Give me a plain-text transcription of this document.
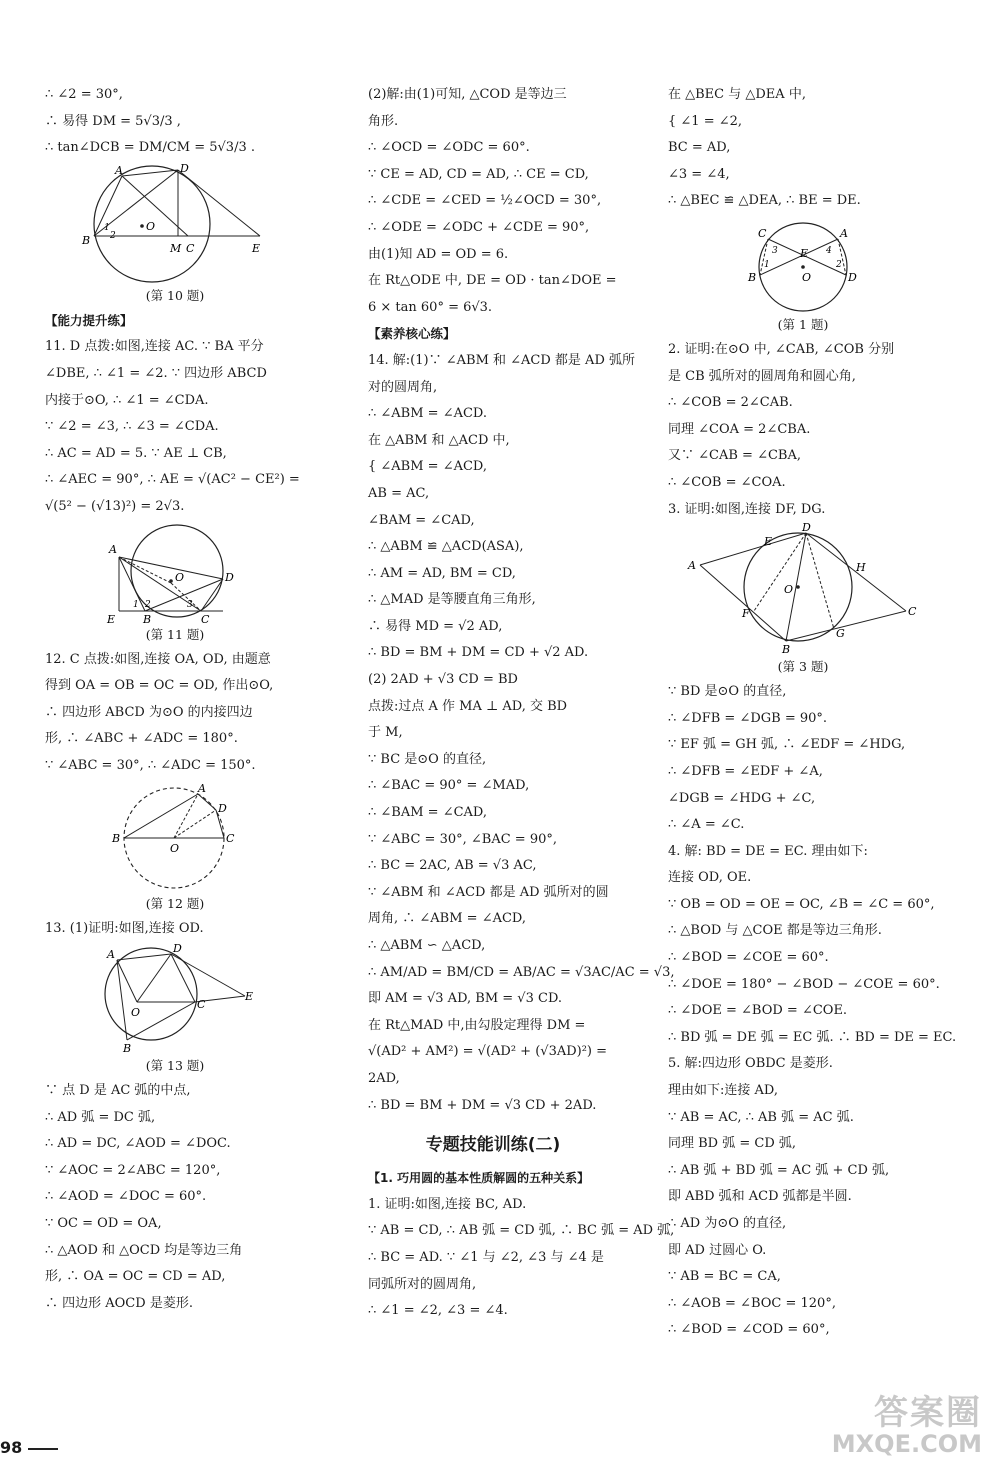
∴ ∠2 = 30°,
∴ 易得 DM = 5√3/3 ,
∴ tan∠DCB = DM/CM = 5√3/3 .
B
A	D
O
M C	E
1
2
(第 10 题)
【能力提升练】
11. D 点拨:如图,连接 AC. ∵ BA 平分
∠DBE, ∴ ∠1 = ∠2. ∵ 四边形 ABCD
内接于⊙O, ∴ ∠1 = ∠CDA.
∵ ∠2 = ∠3, ∴ ∠3 = ∠CDA.
∴ AC = AD = 5. ∵ AE ⊥ CB,
∴ ∠AEC = 90°, ∴ AE = √(AC² − CE²) =
√(5² − (√13)²) = 2√3.
A
D
O
E	B	C
1 2	3
(第 11 题)
12. C 点拨:如图,连接 OA, OD, 由题意
得到 OA = OB = OC = OD, 作出⊙O,
∴ 四边形 ABCD 为⊙O 的内接四边
形, ∴ ∠ABC + ∠ADC = 180°.
∵ ∠ABC = 30°, ∴ ∠ADC = 150°.
B
A
D
C
O
(第 12 题)
13. (1)证明:如图,连接 OD.
A	D
O
C
E
B
(第 13 题)
∵ 点 D 是 AC 弧的中点,
∴ AD 弧 = DC 弧,
∴ AD = DC, ∠AOD = ∠DOC.
∵ ∠AOC = 2∠ABC = 120°,
∴ ∠AOD = ∠DOC = 60°.
∵ OC = OD = OA,
∴ △AOD 和 △OCD 均是等边三角
形, ∴ OA = OC = CD = AD,
∴ 四边形 AOCD 是菱形.
(2)解:由(1)可知, △COD 是等边三
角形.
∴ ∠OCD = ∠ODC = 60°.
∵ CE = AD, CD = AD, ∴ CE = CD,
∴ ∠CDE = ∠CED = ½∠OCD = 30°,
∴ ∠ODE = ∠ODC + ∠CDE = 90°,
由(1)知 AD = OD = 6.
在 Rt△ODE 中, DE = OD · tan∠DOE =
6 × tan 60° = 6√3.
【素养核心练】
14. 解:(1)∵ ∠ABM 和 ∠ACD 都是 AD 弧所
对的圆周角,
∴ ∠ABM = ∠ACD.
在 △ABM 和 △ACD 中,
{ ∠ABM = ∠ACD,
AB = AC,
∠BAM = ∠CAD,
∴ △ABM ≌ △ACD(ASA),
∴ AM = AD, BM = CD,
∴ △MAD 是等腰直角三角形,
∴ 易得 MD = √2 AD,
∴ BD = BM + DM = CD + √2 AD.
(2) 2AD + √3 CD = BD
点拨:过点 A 作 MA ⊥ AD, 交 BD
于 M,
∵ BC 是⊙O 的直径,
∴ ∠BAC = 90° = ∠MAD,
∴ ∠BAM = ∠CAD,
∵ ∠ABC = 30°, ∠BAC = 90°,
∴ BC = 2AC, AB = √3 AC,
∵ ∠ABM 和 ∠ACD 都是 AD 弧所对的圆
周角, ∴ ∠ABM = ∠ACD,
∴ △ABM ∽ △ACD,
∴ AM/AD = BM/CD = AB/AC = √3AC/AC = √3,
即 AM = √3 AD, BM = √3 CD.
在 Rt△MAD 中,由勾股定理得 DM =
√(AD² + AM²) = √(AD² + (√3AD)²) =
2AD,
∴ BD = BM + DM = √3 CD + 2AD.
专题技能训练(二)
【1. 巧用圆的基本性质解圆的五种关系】
1. 证明:如图,连接 BC, AD.
∵ AB = CD, ∴ AB 弧 = CD 弧, ∴ BC 弧 = AD 弧,
∴ BC = AD. ∵ ∠1 与 ∠2, ∠3 与 ∠4 是
同弧所对的圆周角,
∴ ∠1 = ∠2, ∠3 = ∠4.
在 △BEC 与 △DEA 中,
{ ∠1 = ∠2,
BC = AD,
∠3 = ∠4,
∴ △BEC ≌ △DEA, ∴ BE = DE.
C	A
E
O
B	D
3	4
1	2
(第 1 题)
2. 证明:在⊙O 中, ∠CAB, ∠COB 分别
是 CB 弧所对的圆周角和圆心角,
∴ ∠COB = 2∠CAB.
同理 ∠COA = 2∠CBA.
又∵ ∠CAB = ∠CBA,
∴ ∠COB = ∠COA.
3. 证明:如图,连接 DF, DG.
A
D
E
H
O
F
G
C
B
(第 3 题)
∵ BD 是⊙O 的直径,
∴ ∠DFB = ∠DGB = 90°.
∵ EF 弧 = GH 弧, ∴ ∠EDF = ∠HDG,
∴ ∠DFB = ∠EDF + ∠A,
∠DGB = ∠HDG + ∠C,
∴ ∠A = ∠C.
4. 解: BD = DE = EC. 理由如下:
连接 OD, OE.
∵ OB = OD = OE = OC, ∠B = ∠C = 60°,
∴ △BOD 与 △COE 都是等边三角形.
∴ ∠BOD = ∠COE = 60°.
∴ ∠DOE = 180° − ∠BOD − ∠COE = 60°.
∴ ∠DOE = ∠BOD = ∠COE.
∴ BD 弧 = DE 弧 = EC 弧. ∴ BD = DE = EC.
5. 解:四边形 OBDC 是菱形.
理由如下:连接 AD,
∵ AB = AC, ∴ AB 弧 = AC 弧.
同理 BD 弧 = CD 弧,
∴ AB 弧 + BD 弧 = AC 弧 + CD 弧,
即 ABD 弧和 ACD 弧都是半圆.
∴ AD 为⊙O 的直径,
即 AD 过圆心 O.
∵ AB = BC = CA,
∴ ∠AOB = ∠BOC = 120°,
∴ ∠BOD = ∠COD = 60°,
98
答案圈
MXQE.COM
